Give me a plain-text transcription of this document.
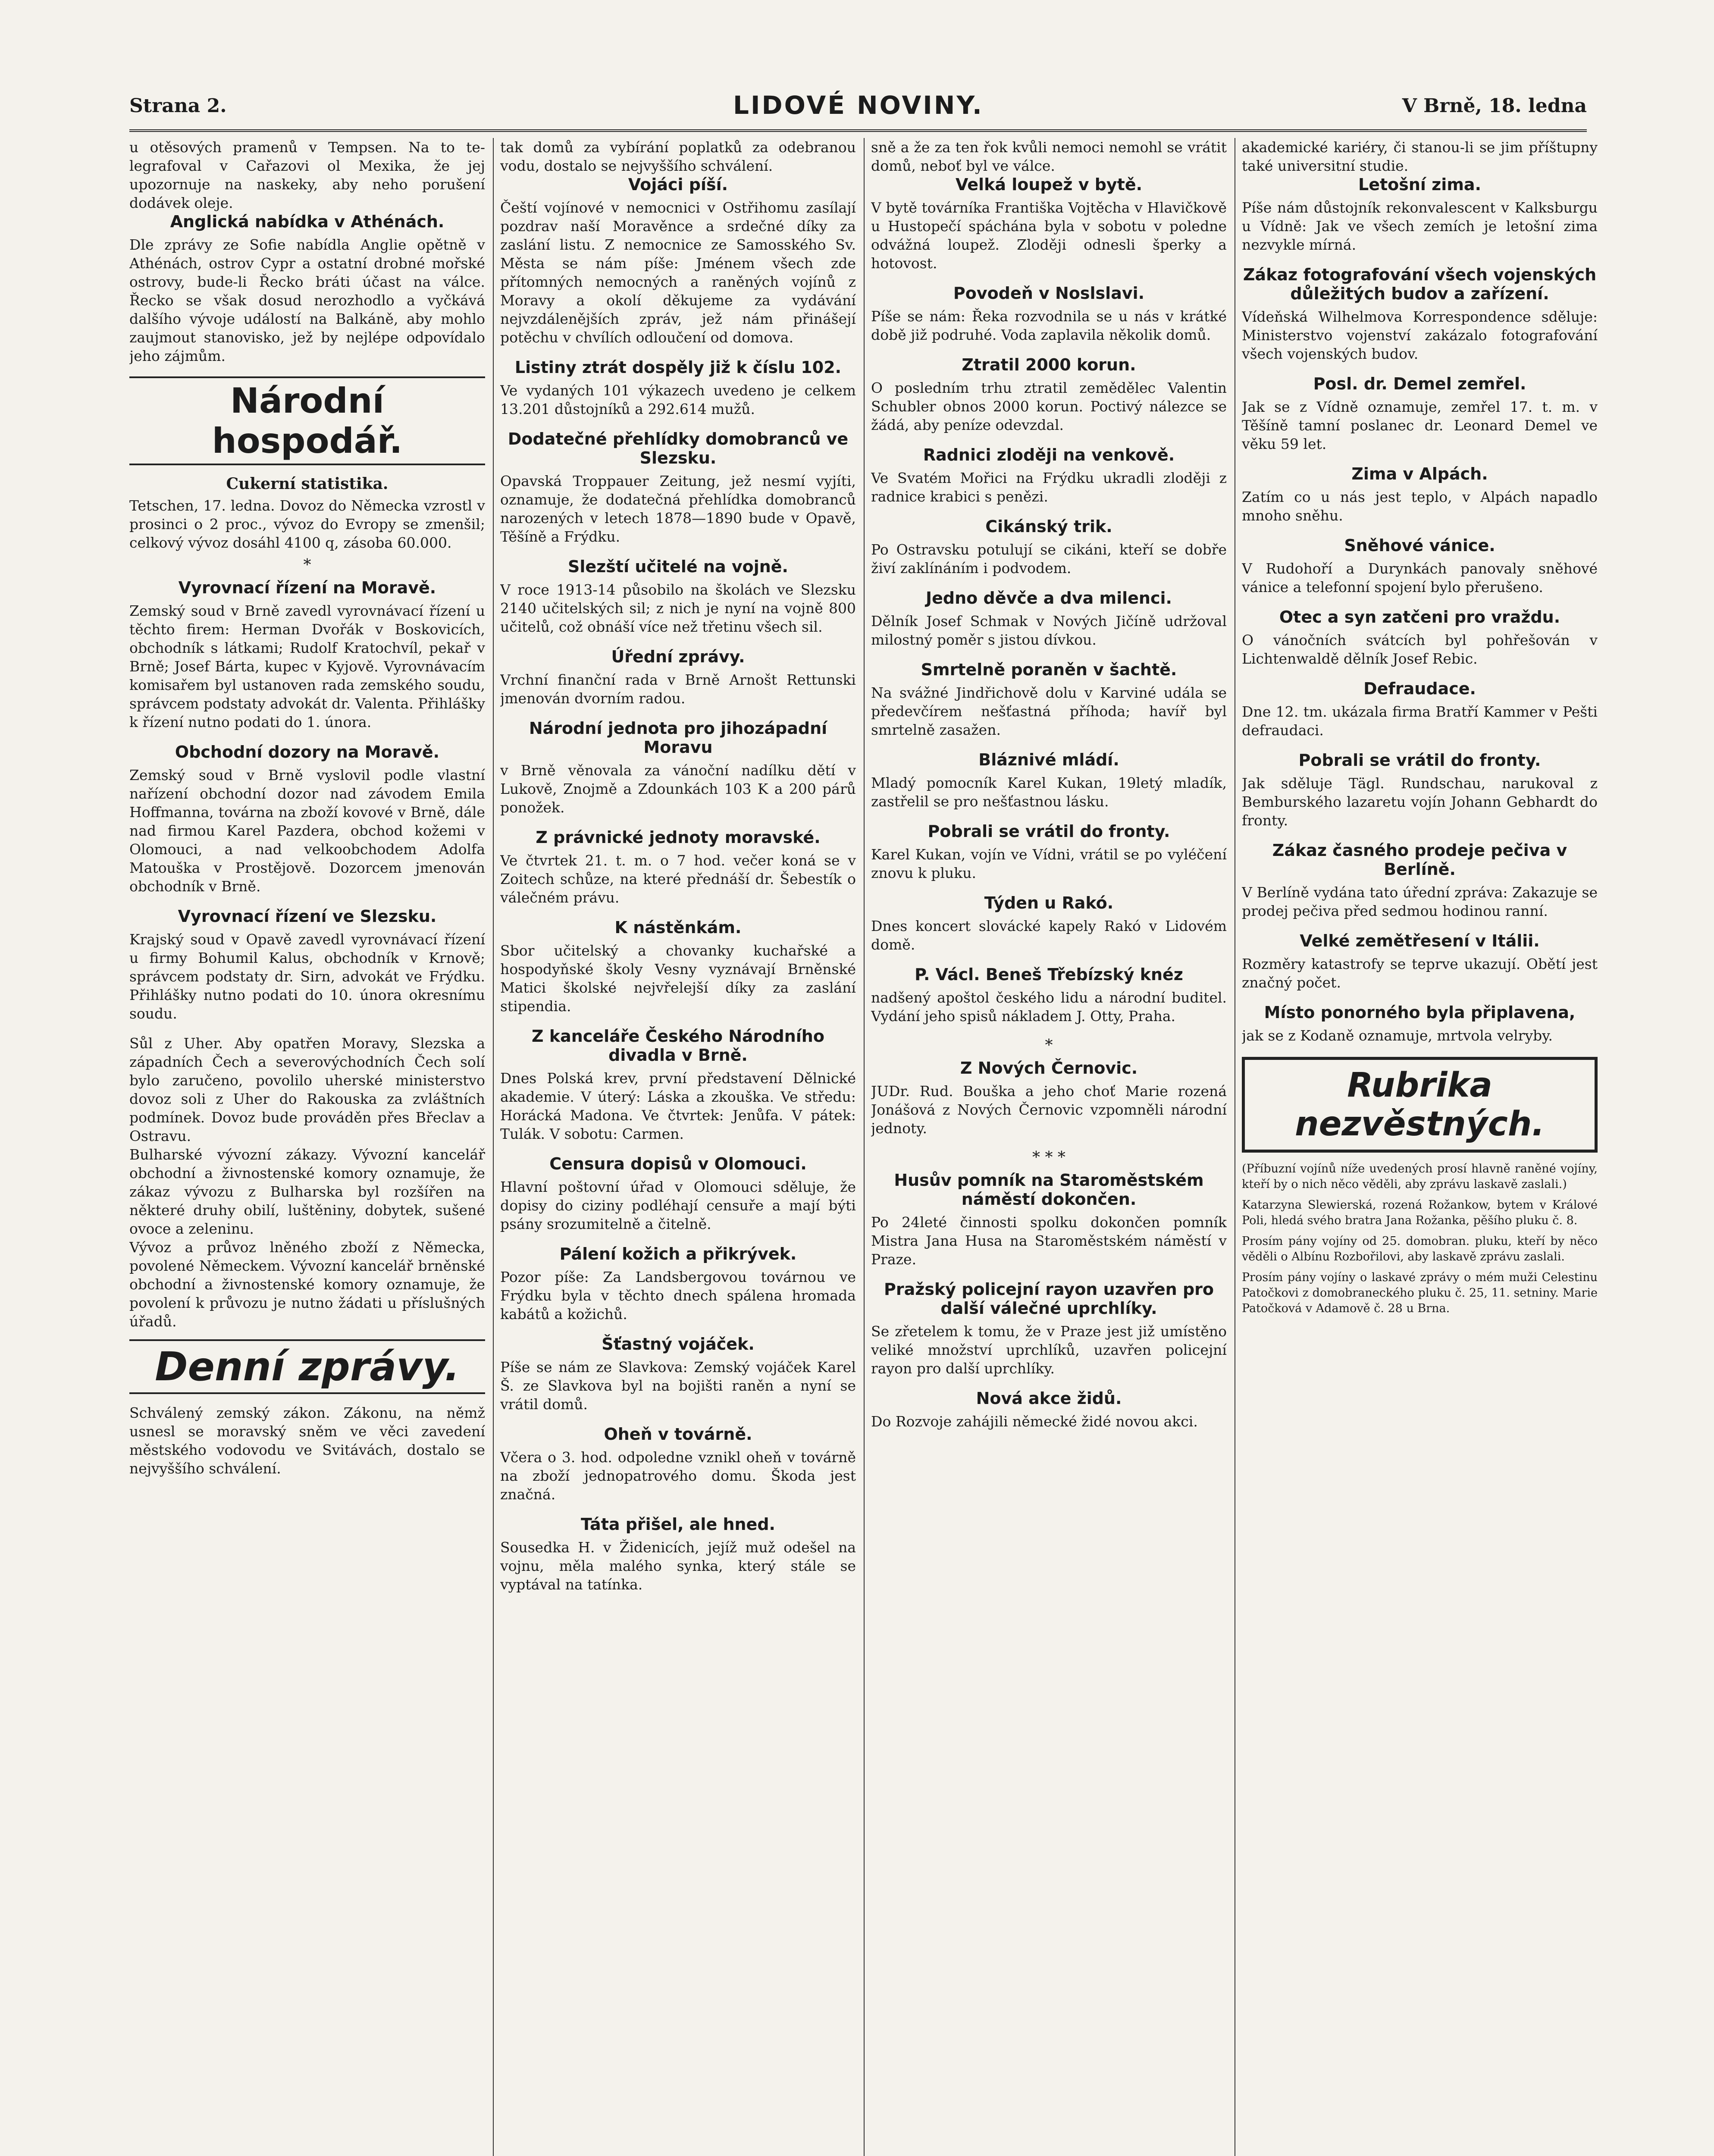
Strana 2.	LIDOVÉ NOVINY.	V Brně, 18. ledna

u otěsových pramenů v Tempsen. Na to te- legrafoval v Cařazovi ol Mexika, že jej upozornuje na naskeky, aby neho porušení dodávek oleje.

Anglická nabídka v Athénách.

Dle zprávy ze Sofie nabídla Anglie opětně v Athénách, ostrov Cypr a ostatní drobné mořské ostrovy, bude-li Řecko bráti účast na válce. Řecko se však dosud nerozhodlo a vyčkává dalšího vývoje událostí na Balkáně, aby mohlo zaujmout stanovisko, jež by nejlépe odpovídalo jeho zájmům.

Národní hospodář.
Cukerní statistika.

Tetschen, 17. ledna. Dovoz do Německa vzrostl v prosinci o 2 proc., vývoz do Evropy se zmenšil; celkový vývoz dosáhl 4100 q, zásoba 60.000.

*
Vyrovnací řízení na Moravě.

Zemský soud v Brně zavedl vyrovnávací řízení u těchto firem: Herman Dvořák v Boskovicích, obchodník s látkami; Rudolf Kratochvíl, pekař v Brně; Josef Bárta, kupec v Kyjově. Vyrovnávacím komisařem byl ustanoven rada zemského soudu, správcem podstaty advokát dr. Valenta. Přihlášky k řízení nutno podati do 1. února.

Obchodní dozory na Moravě.

Zemský soud v Brně vyslovil podle vlastní nařízení obchodní dozor nad závodem Emila Hoffmanna, továrna na zboží kovové v Brně, dále nad firmou Karel Pazdera, obchod kožemi v Olomouci, a nad velkoobchodem Adolfa Matouška v Prostějově. Dozorcem jmenován obchodník v Brně.

Vyrovnací řízení ve Slezsku.

Krajský soud v Opavě zavedl vyrovnávací řízení u firmy Bohumil Kalus, obchodník v Krnově; správcem podstaty dr. Sirn, advokát ve Frýdku. Přihlášky nutno podati do 10. února okresnímu soudu.

Sůl z Uher. Aby opatřen Moravy, Slezska a západních Čech a severovýchodních Čech solí bylo zaručeno, povolilo uherské ministerstvo dovoz soli z Uher do Rakouska za zvláštních podmínek. Dovoz bude prováděn přes Břeclav a Ostravu.

Bulharské vývozní zákazy. Vývozní kancelář obchodní a živnostenské komory oznamuje, že zákaz vývozu z Bulharska byl rozšířen na některé druhy obilí, luštěniny, dobytek, sušené ovoce a zeleninu.

Vývoz a průvoz lněného zboží z Německa, povolené Německem. Vývozní kancelář brněnské obchodní a živnostenské komory oznamuje, že povolení k průvozu je nutno žádati u příslušných úřadů.

Denní zprávy.

Schválený zemský zákon. Zákonu, na němž usnesl se moravský sněm ve věci zavedení městského vodovodu ve Svitávách, dostalo se nejvyššího schválení.

tak domů za vybírání poplatků za odebranou vodu, dostalo se nejvyššího schválení.

Vojáci píší.

Čeští vojínové v nemocnici v Ostřihomu zasílají pozdrav naší Moravěnce a srdečné díky za zaslání listu. Z nemocnice ze Samosského Sv. Města se nám píše: Jménem všech zde přítomných nemocných a raněných vojínů z Moravy a okolí děkujeme za vydávání nejvzdálenějších zpráv, jež nám přinášejí potěchu v chvílích odloučení od domova.

Listiny ztrát dospěly již k číslu 102.

Ve vydaných 101 výkazech uvedeno je celkem 13.201 důstojníků a 292.614 mužů.

Dodatečné přehlídky domobranců ve Slezsku.

Opavská Troppauer Zeitung, jež nesmí vyjíti, oznamuje, že dodatečná přehlídka domobranců narozených v letech 1878—1890 bude v Opavě, Těšíně a Frýdku.

Slezští učitelé na vojně.

V roce 1913-14 působilo na školách ve Slezsku 2140 učitelských sil; z nich je nyní na vojně 800 učitelů, což obnáší více než třetinu všech sil.

Úřední zprávy.

Vrchní finanční rada v Brně Arnošt Rettunski jmenován dvorním radou.

Národní jednota pro jihozápadní Moravu

v Brně věnovala za vánoční nadílku dětí v Lukově, Znojmě a Zdounkách 103 K a 200 párů ponožek.

Z právnické jednoty moravské.

Ve čtvrtek 21. t. m. o 7 hod. večer koná se v Zoitech schůze, na které přednáší dr. Šebestík o válečném právu.

K nástěnkám.

Sbor učitelský a chovanky kuchařské a hospodyňské školy Vesny vyznávají Brněnské Matici školské nejvřelejší díky za zaslání stipendia.

Z kanceláře Českého Národního divadla v Brně.

Dnes Polská krev, první představení Dělnické akademie. V úterý: Láska a zkouška. Ve středu: Horácká Madona. Ve čtvrtek: Jenůfa. V pátek: Tulák. V sobotu: Carmen.

Censura dopisů v Olomouci.

Hlavní poštovní úřad v Olomouci sděluje, že dopisy do ciziny podléhají censuře a mají býti psány srozumitelně a čitelně.

Pálení kožich a přikrývek.

Pozor píše: Za Landsbergovou továrnou ve Frýdku byla v těchto dnech spálena hromada kabátů a kožichů.

Šťastný vojáček.

Píše se nám ze Slavkova: Zemský vojáček Karel Š. ze Slavkova byl na bojišti raněn a nyní se vrátil domů.

Oheň v továrně.

Včera o 3. hod. odpoledne vznikl oheň v továrně na zboží jednopatrového domu. Škoda jest značná.

Táta přišel, ale hned.

Sousedka H. v Židenicích, jejíž muž odešel na vojnu, měla malého synka, který stále se vyptával na tatínka.

sně a že za ten řok kvůli nemoci nemohl se vrátit domů, neboť byl ve válce.

Velká loupež v bytě.

V bytě továrníka Františka Vojtěcha v Hlavičkově u Hustopečí spáchána byla v sobotu v poledne odvážná loupež. Zloději odnesli šperky a hotovost.

Povodeň v Noslslavi.

Píše se nám: Řeka rozvodnila se u nás v krátké době již podruhé. Voda zaplavila několik domů.

Ztratil 2000 korun.

O posledním trhu ztratil zemědělec Valentin Schubler obnos 2000 korun. Poctivý nálezce se žádá, aby peníze odevzdal.

Radnici zloději na venkově.

Ve Svatém Mořici na Frýdku ukradli zloději z radnice krabici s penězi.

Cikánský trik.

Po Ostravsku potulují se cikáni, kteří se dobře živí zaklínáním i podvodem.

Jedno děvče a dva milenci.

Dělník Josef Schmak v Nových Jičíně udržoval milostný poměr s jistou dívkou.

Smrtelně poraněn v šachtě.

Na svážné Jindřichově dolu v Karviné udála se předevčírem nešťastná příhoda; havíř byl smrtelně zasažen.

Bláznivé mládí.

Mladý pomocník Karel Kukan, 19letý mladík, zastřelil se pro nešťastnou lásku.

Pobrali se vrátil do fronty.

Karel Kukan, vojín ve Vídni, vrátil se po vyléčení znovu k pluku.

Týden u Rakó.

Dnes koncert slovácké kapely Rakó v Lidovém domě.

P. Václ. Beneš Třebízský knéz

nadšený apoštol českého lidu a národní buditel. Vydání jeho spisů nákladem J. Otty, Praha.

*
Z Nových Černovic.

JUDr. Rud. Bouška a jeho choť Marie rozená Jonášová z Nových Černovic vzpomněli národní jednoty.

* * *
Husův pomník na Staroměstském náměstí dokončen.

Po 24leté činnosti spolku dokončen pomník Mistra Jana Husa na Staroměstském náměstí v Praze.

Pražský policejní rayon uzavřen pro další válečné uprchlíky.

Se zřetelem k tomu, že v Praze jest již umístěno veliké množství uprchlíků, uzavřen policejní rayon pro další uprchlíky.

Nová akce židů.

Do Rozvoje zahájili německé židé novou akci.

akademické kariéry, či stanou-li se jim příštupny také universitní studie.

Letošní zima.

Píše nám důstojník rekonvalescent v Kalksburgu u Vídně: Jak ve všech zemích je letošní zima nezvykle mírná.

Zákaz fotografování všech vojenských důležitých budov a zařízení.

Vídeňská Wilhelmova Korrespondence sděluje: Ministerstvo vojenství zakázalo fotografování všech vojenských budov.

Posl. dr. Demel zemřel.

Jak se z Vídně oznamuje, zemřel 17. t. m. v Těšíně tamní poslanec dr. Leonard Demel ve věku 59 let.

Zima v Alpách.

Zatím co u nás jest teplo, v Alpách napadlo mnoho sněhu.

Sněhové vánice.

V Rudohoří a Durynkách panovaly sněhové vánice a telefonní spojení bylo přerušeno.

Otec a syn zatčeni pro vraždu.

O vánočních svátcích byl pohřešován v Lichtenwaldě dělník Josef Rebic.

Defraudace.

Dne 12. tm. ukázala firma Bratří Kammer v Pešti defraudaci.

Pobrali se vrátil do fronty.

Jak sděluje Tägl. Rundschau, narukoval z Bemburského lazaretu vojín Johann Gebhardt do fronty.

Zákaz časného prodeje pečiva v Berlíně.

V Berlíně vydána tato úřední zpráva: Zakazuje se prodej pečiva před sedmou hodinou ranní.

Velké zemětřesení v Itálii.

Rozměry katastrofy se teprve ukazují. Obětí jest značný počet.

Místo ponorného byla připlavena,

jak se z Kodaně oznamuje, mrtvola velryby.

Rubrika nezvěstných.

(Příbuzní vojínů níže uvedených prosí hlavně raněné vojíny, kteří by o nich něco věděli, aby zprávu laskavě zaslali.)

Katarzyna Slewierská, rozená Rožankow, bytem v Králové Poli, hledá svého bratra Jana Rožanka, pěšího pluku č. 8.

Prosím pány vojíny od 25. domobran. pluku, kteří by něco věděli o Albínu Rozbořilovi, aby laskavě zprávu zaslali.

Prosím pány vojíny o laskavé zprávy o mém muži Celestinu Patočkovi z domobraneckého pluku č. 25, 11. setniny. Marie Patočková v Adamově č. 28 u Brna.
